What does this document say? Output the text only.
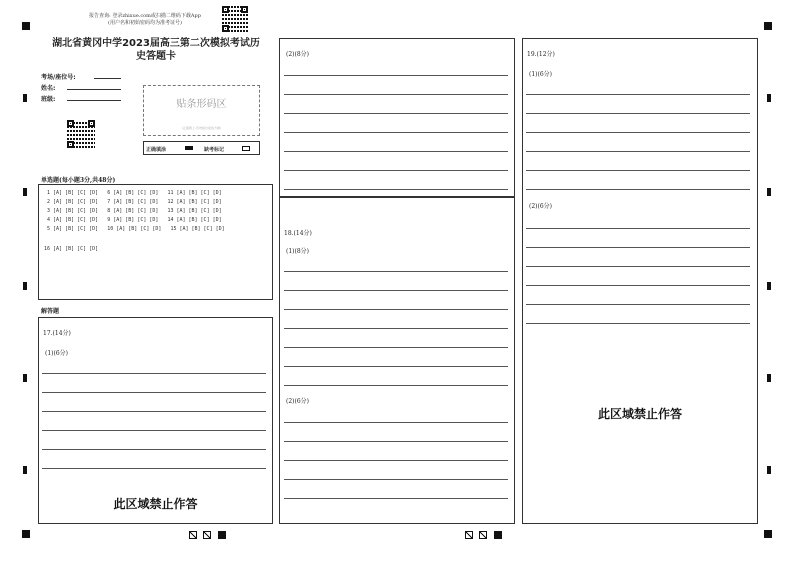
报告查询: 登录zhixue.com或扫描二维码下载App
(用户名和初始密码均为准考证号)
湖北省黄冈中学2023届高三第二次模拟考试历
史答题卡
考场/座位号:
姓名:
班级:	贴条形码区
(正面朝上,切勿贴出虚线方框)
正确填涂	缺考标记
单选题(每小题3分,共48分)
1 [A] [B] [C] [D] 6 [A] [B] [C] [D] 11 [A] [B] [C] [D]
2 [A] [B] [C] [D] 7 [A] [B] [C] [D] 12 [A] [B] [C] [D]
3 [A] [B] [C] [D] 8 [A] [B] [C] [D] 13 [A] [B] [C] [D]
4 [A] [B] [C] [D] 9 [A] [B] [C] [D] 14 [A] [B] [C] [D]
5 [A] [B] [C] [D] 10 [A] [B] [C] [D] 15 [A] [B] [C] [D]
16 [A] [B] [C] [D]
解答题
17.(14分)
(1)(6分)
此区域禁止作答
(2)(8分)
18.(14分)
(1)(8分)
(2)(6分)
19.(12分)
(1)(6分)
(2)(6分)
此区域禁止作答
